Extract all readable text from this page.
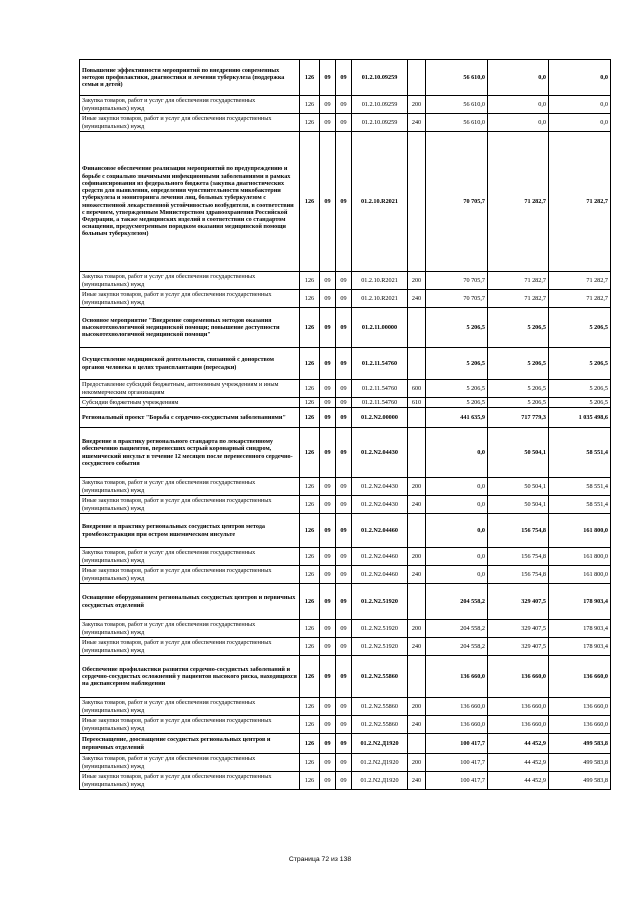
Повышение эффективности мероприятий по внедрению современных методов профилактики, диагностики и лечения туберкулеза (поддержка семьи и детей)	126	09	09	01.2.10.09259		56 610,0	0,0	0,0
Закупка товаров, работ и услуг для обеспечения государственных (муниципальных) нужд	126	09	09	01.2.10.09259	200	56 610,0	0,0	0,0
Иные закупки товаров, работ и услуг для обеспечения государственных (муниципальных) нужд	126	09	09	01.2.10.09259	240	56 610,0	0,0	0,0
Финансовое обеспечение реализации мероприятий по предупреждению и борьбе с социально значимыми инфекционными заболеваниями в рамках софинансирования из федерального бюджета (закупка диагностических средств для выявления, определения чувствительности микобактерии туберкулеза и мониторинга лечения лиц, больных туберкулезом с множественной лекарственной устойчивостью возбудителя, в соответствии с перечнем, утвержденным Министерством здравоохранения Российской Федерации, а также медицинских изделий в соответствии со стандартом оснащения, предусмотренным порядком оказания медицинской помощи больным туберкулезом)	126	09	09	01.2.10.R2021		70 705,7	71 282,7	71 282,7
Закупка товаров, работ и услуг для обеспечения государственных (муниципальных) нужд	126	09	09	01.2.10.R2021	200	70 705,7	71 282,7	71 282,7
Иные закупки товаров, работ и услуг для обеспечения государственных (муниципальных) нужд	126	09	09	01.2.10.R2021	240	70 705,7	71 282,7	71 282,7
Основное мероприятие "Внедрение современных методов оказания высокотехнологичной медицинской помощи; повышение доступности высокотехнологичной медицинской помощи"	126	09	09	01.2.11.00000		5 206,5	5 206,5	5 206,5
Осуществление медицинской деятельности, связанной с донорством органов человека в целях трансплантации (пересадки)	126	09	09	01.2.11.54760		5 206,5	5 206,5	5 206,5
Предоставление субсидий бюджетным, автономным учреждениям и иным некоммерческим организациям	126	09	09	01.2.11.54760	600	5 206,5	5 206,5	5 206,5
Субсидии бюджетным учреждениям	126	09	09	01.2.11.54760	610	5 206,5	5 206,5	5 206,5
Региональный проект "Борьба с сердечно-сосудистыми заболеваниями"	126	09	09	01.2.N2.00000		441 635,9	717 779,3	1 035 498,6
Внедрение в практику регионального стандарта по лекарственному обеспечению пациентов, перенесших острый коронарный синдром, ишемический инсульт в течение 12 месяцев после перенесенного сердечно-сосудистого события	126	09	09	01.2.N2.04430		0,0	50 504,1	58 551,4
Закупка товаров, работ и услуг для обеспечения государственных (муниципальных) нужд	126	09	09	01.2.N2.04430	200	0,0	50 504,1	58 551,4
Иные закупки товаров, работ и услуг для обеспечения государственных (муниципальных) нужд	126	09	09	01.2.N2.04430	240	0,0	50 504,1	58 551,4
Внедрение в практику региональных сосудистых центров метода тромбоэкстракции при остром ишемическом инсульте	126	09	09	01.2.N2.04460		0,0	156 754,8	161 800,0
Закупка товаров, работ и услуг для обеспечения государственных (муниципальных) нужд	126	09	09	01.2.N2.04460	200	0,0	156 754,8	161 800,0
Иные закупки товаров, работ и услуг для обеспечения государственных (муниципальных) нужд	126	09	09	01.2.N2.04460	240	0,0	156 754,8	161 800,0
Оснащение оборудованием региональных сосудистых центров и первичных сосудистых отделений	126	09	09	01.2.N2.51920		204 558,2	329 407,5	178 903,4
Закупка товаров, работ и услуг для обеспечения государственных (муниципальных) нужд	126	09	09	01.2.N2.51920	200	204 558,2	329 407,5	178 903,4
Иные закупки товаров, работ и услуг для обеспечения государственных (муниципальных) нужд	126	09	09	01.2.N2.51920	240	204 558,2	329 407,5	178 903,4
Обеспечение профилактики развития сердечно-сосудистых заболеваний и сердечно-сосудистых осложнений у пациентов высокого риска, находящихся на диспансерном наблюдении	126	09	09	01.2.N2.55860		136 660,0	136 660,0	136 660,0
Закупка товаров, работ и услуг для обеспечения государственных (муниципальных) нужд	126	09	09	01.2.N2.55860	200	136 660,0	136 660,0	136 660,0
Иные закупки товаров, работ и услуг для обеспечения государственных (муниципальных) нужд	126	09	09	01.2.N2.55860	240	136 660,0	136 660,0	136 660,0
Переоснащение, дооснащение сосудистых региональных центров и первичных отделений	126	09	09	01.2.N2.Д1920		100 417,7	44 452,9	499 583,8
Закупка товаров, работ и услуг для обеспечения государственных (муниципальных) нужд	126	09	09	01.2.N2.Д1920	200	100 417,7	44 452,9	499 583,8
Иные закупки товаров, работ и услуг для обеспечения государственных (муниципальных) нужд	126	09	09	01.2.N2.Д1920	240	100 417,7	44 452,9	499 583,8
Страница 72 из 138
